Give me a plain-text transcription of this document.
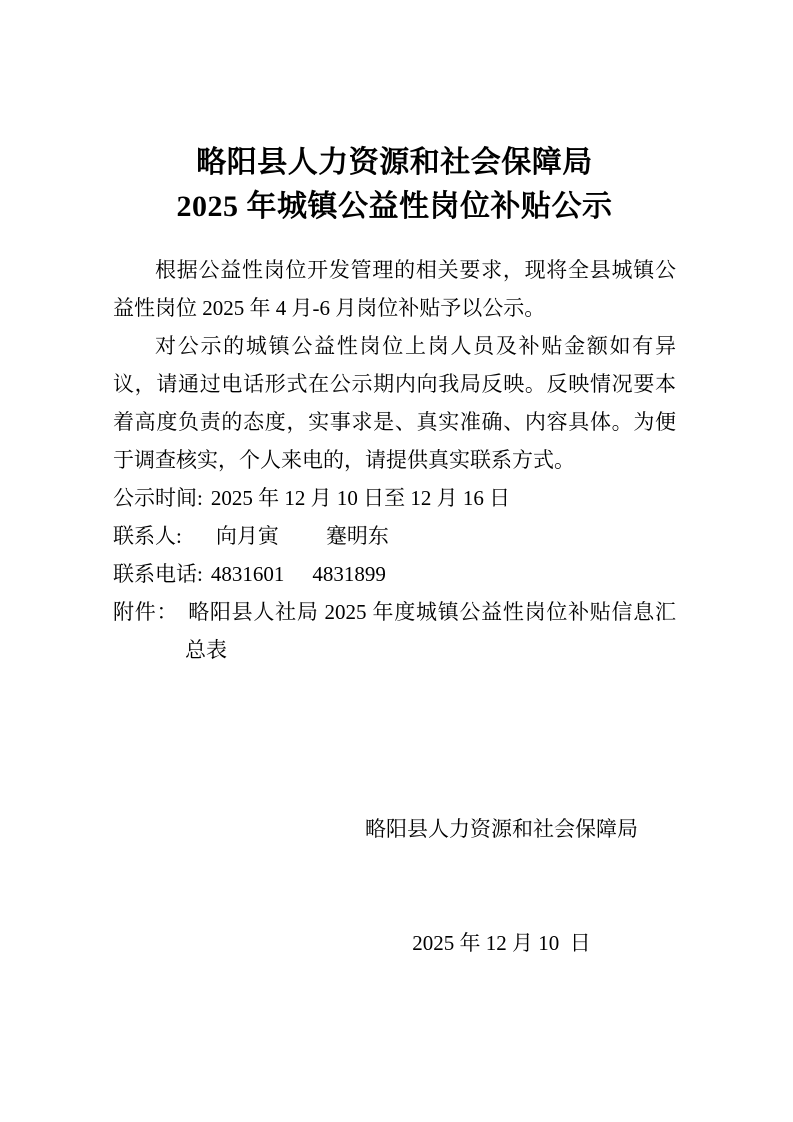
略阳县人力资源和社会保障局
2025 年城镇公益性岗位补贴公示

根据公益性岗位开发管理的相关要求，现将全县城镇公益性岗位 2025 年 4 月-6 月岗位补贴予以公示。

对公示的城镇公益性岗位上岗人员及补贴金额如有异议，请通过电话形式在公示期内向我局反映。反映情况要本着高度负责的态度，实事求是、真实准确、内容具体。为便于调查核实，个人来电的，请提供真实联系方式。

公示时间: 2025 年 12 月 10 日至 12 月 16 日

联系人: 向月寅 蹇明东

联系电话: 4831601 4831899

附件： 略阳县人社局 2025 年度城镇公益性岗位补贴信息汇总表

略阳县人力资源和社会保障局

2025 年 12 月 10  日
